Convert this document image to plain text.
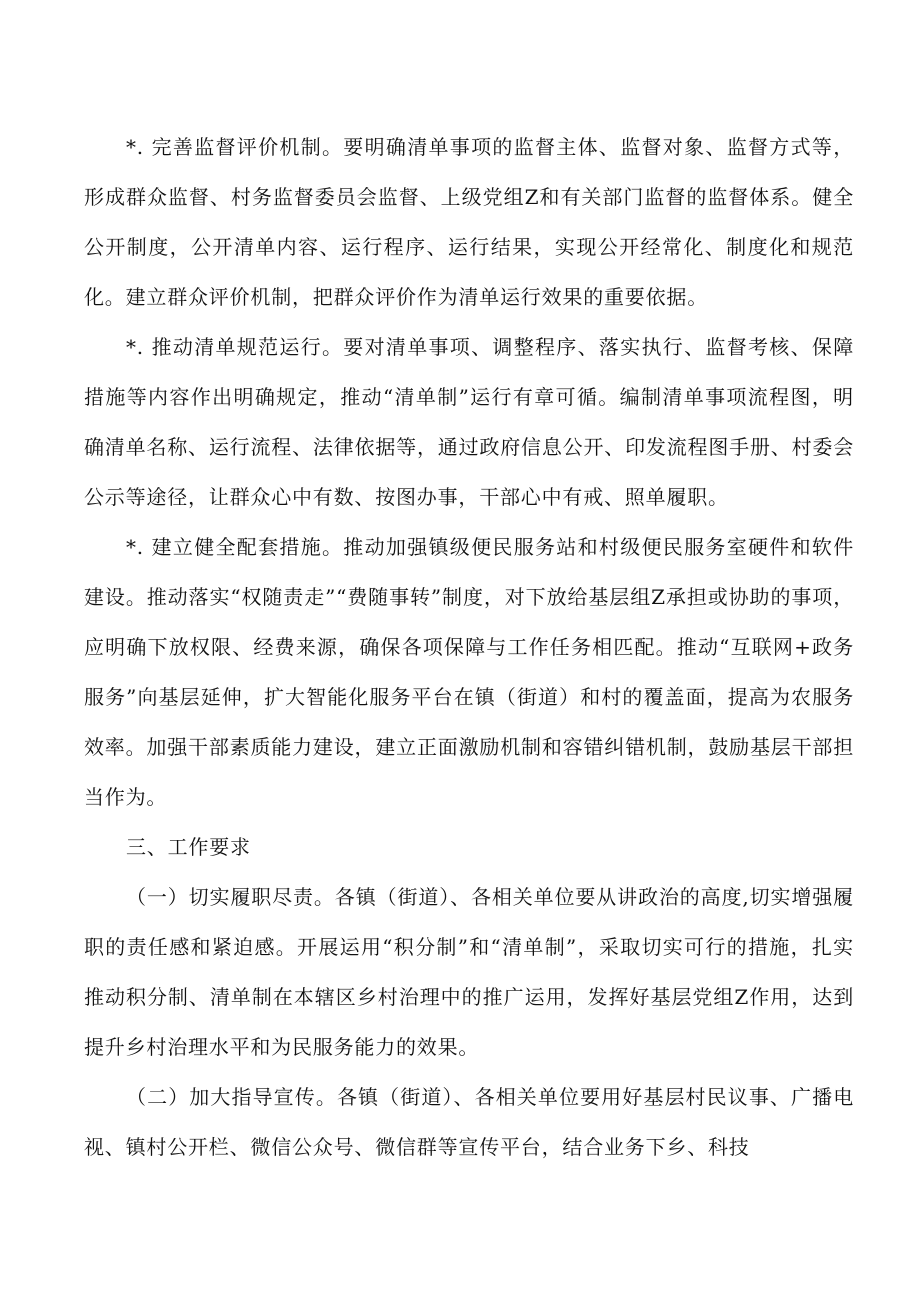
*. 完善监督评价机制。要明确清单事项的监督主体、监督对象、监督方式等，形成群众监督、村务监督委员会监督、上级党组Z和有关部门监督的监督体系。健全公开制度，公开清单内容、运行程序、运行结果，实现公开经常化、制度化和规范化。建立群众评价机制，把群众评价作为清单运行效果的重要依据。

*. 推动清单规范运行。要对清单事项、调整程序、落实执行、监督考核、保障措施等内容作出明确规定，推动“清单制”运行有章可循。编制清单事项流程图，明确清单名称、运行流程、法律依据等，通过政府信息公开、印发流程图手册、村委会公示等途径，让群众心中有数、按图办事，干部心中有戒、照单履职。

*. 建立健全配套措施。推动加强镇级便民服务站和村级便民服务室硬件和软件建设。推动落实“权随责走”“费随事转”制度，对下放给基层组Z承担或协助的事项，应明确下放权限、经费来源，确保各项保障与工作任务相匹配。推动“互联网+政务服务”向基层延伸，扩大智能化服务平台在镇（街道）和村的覆盖面，提高为农服务效率。加强干部素质能力建设，建立正面激励机制和容错纠错机制，鼓励基层干部担当作为。

三、工作要求

（一）切实履职尽责。各镇（街道）、各相关单位要从讲政治的高度,切实增强履职的责任感和紧迫感。开展运用“积分制”和“清单制”，采取切实可行的措施，扎实推动积分制、清单制在本辖区乡村治理中的推广运用，发挥好基层党组Z作用，达到提升乡村治理水平和为民服务能力的效果。

（二）加大指导宣传。各镇（街道）、各相关单位要用好基层村民议事、广播电视、镇村公开栏、微信公众号、微信群等宣传平台，结合业务下乡、科技
